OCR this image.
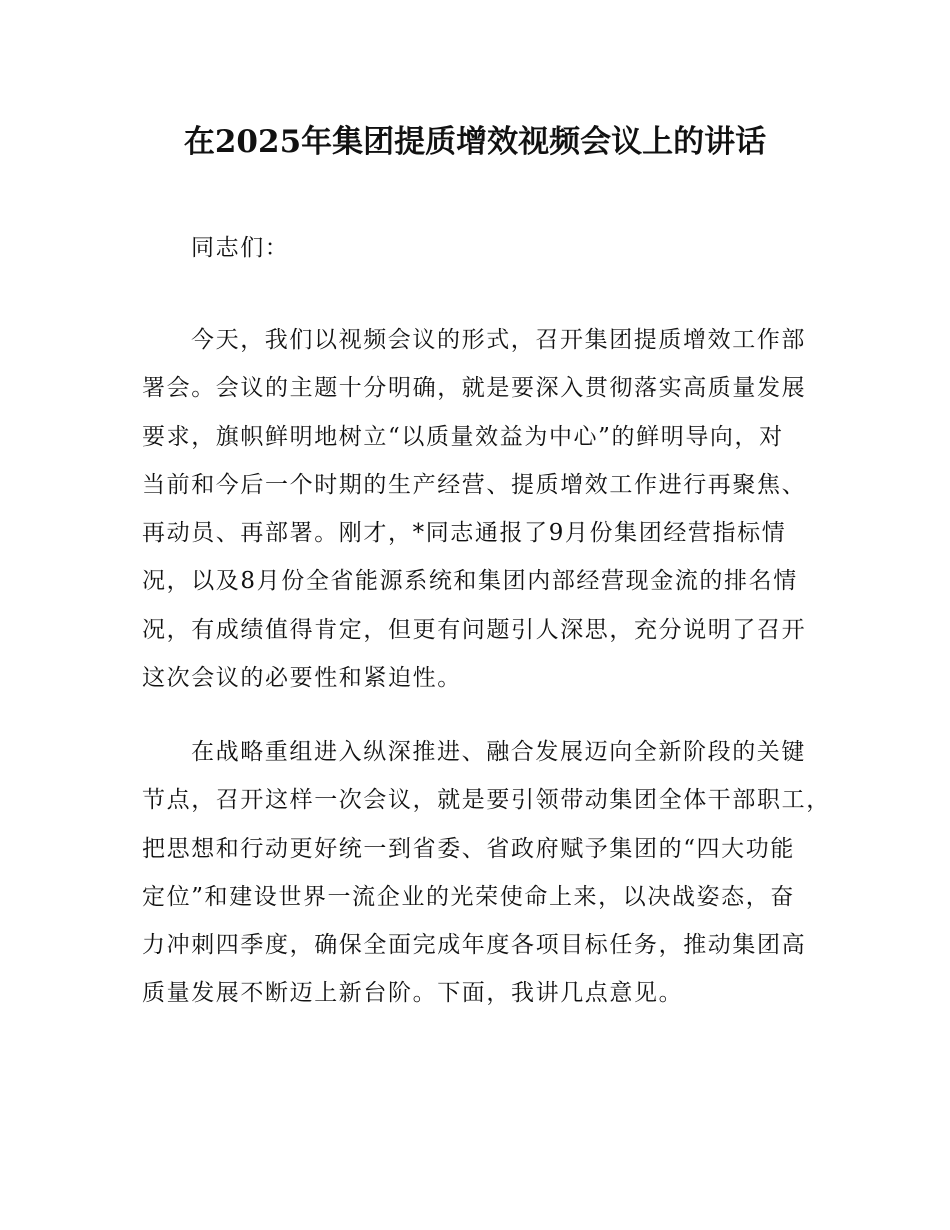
在2025年集团提质增效视频会议上的讲话
同志们：
今天，我们以视频会议的形式，召开集团提质增效工作部
署会。会议的主题十分明确，就是要深入贯彻落实高质量发展
要求，旗帜鲜明地树立“以质量效益为中心”的鲜明导向，对
当前和今后一个时期的生产经营、提质增效工作进行再聚焦、
再动员、再部署。刚才，*同志通报了9月份集团经营指标情
况，以及8月份全省能源系统和集团内部经营现金流的排名情
况，有成绩值得肯定，但更有问题引人深思，充分说明了召开
这次会议的必要性和紧迫性。
在战略重组进入纵深推进、融合发展迈向全新阶段的关键
节点，召开这样一次会议，就是要引领带动集团全体干部职工，
把思想和行动更好统一到省委、省政府赋予集团的“四大功能
定位”和建设世界一流企业的光荣使命上来，以决战姿态，奋
力冲刺四季度，确保全面完成年度各项目标任务，推动集团高
质量发展不断迈上新台阶。下面，我讲几点意见。
